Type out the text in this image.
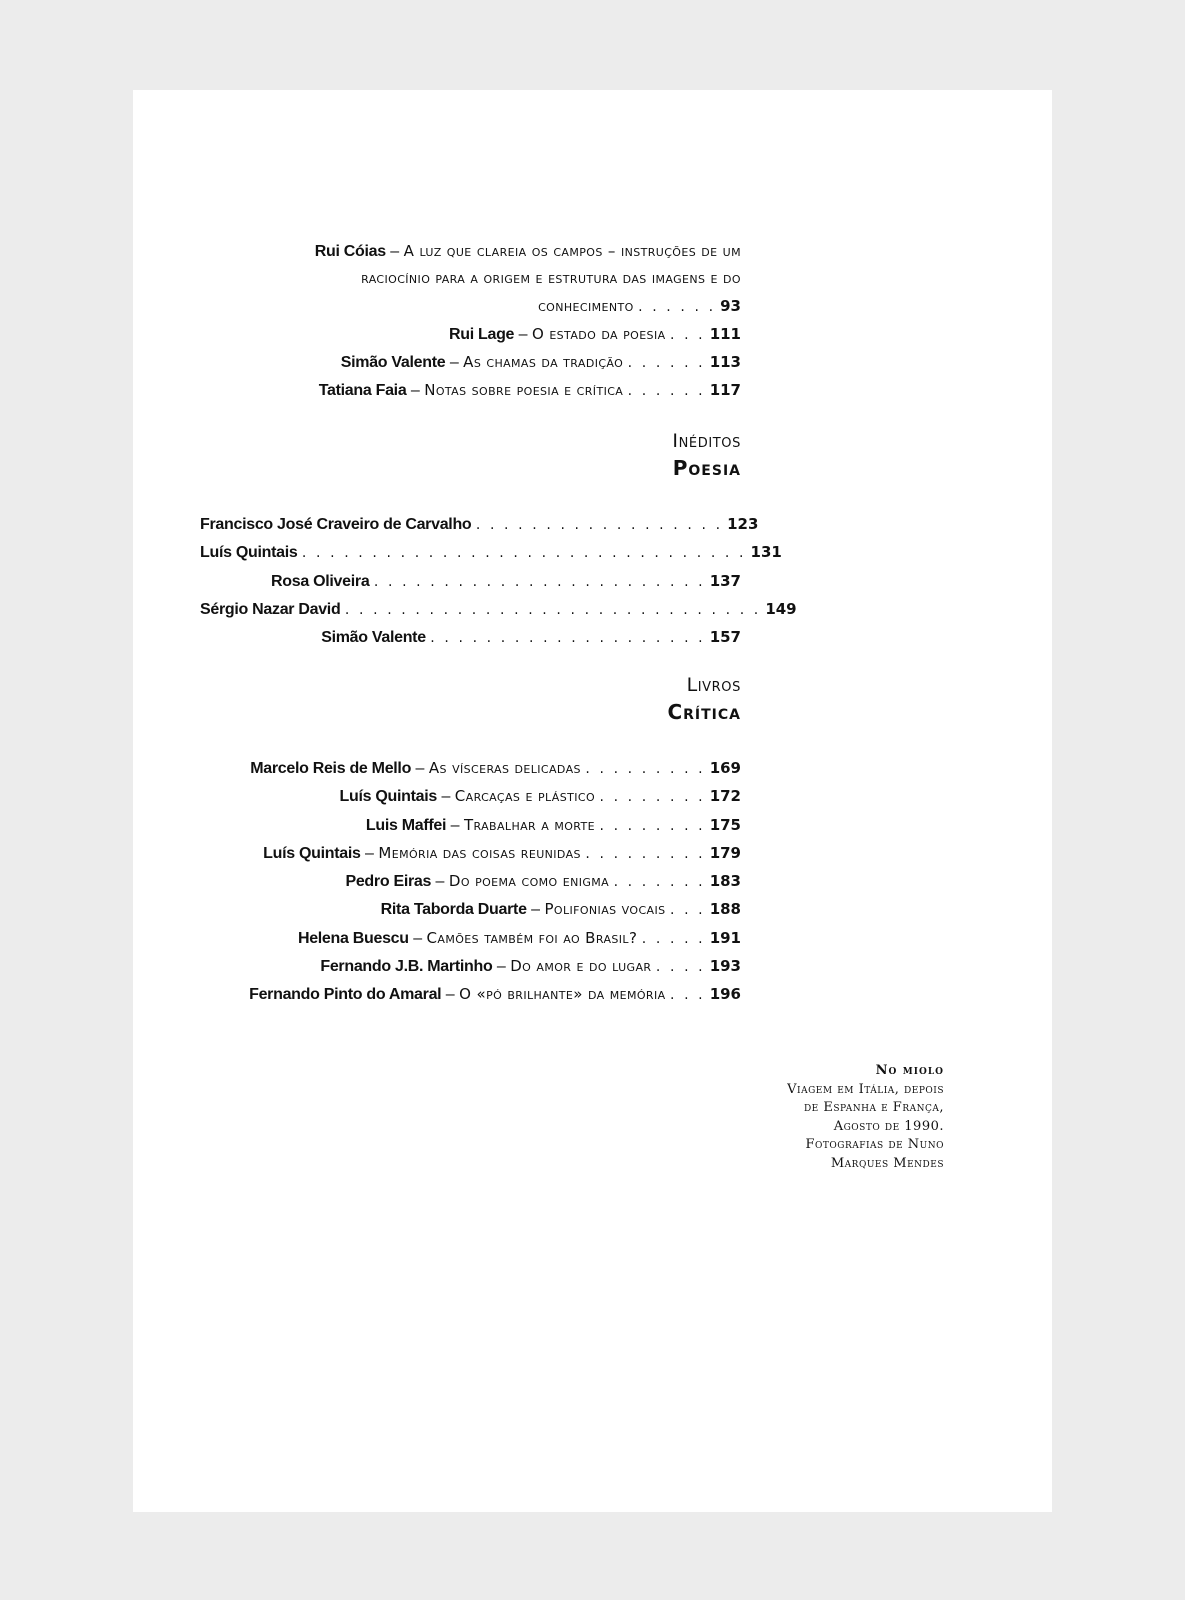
Rui Cóias – A luz que clareia os campos – instruções de um
raciocínio para a origem e estrutura das imagens e do
conhecimento . . . . . . 93
Rui Lage – O estado da poesia . . . 111
Simão Valente – As chamas da tradição . . . . . . 113
Tatiana Faia – Notas sobre poesia e crítica . . . . . . 117
Inéditos
Poesia
Francisco José Craveiro de Carvalho . . . . . . . . . . . . . . . . . . 123
Luís Quintais . . . . . . . . . . . . . . . . . . . . . . . . . . . . . . . . 131
Rosa Oliveira . . . . . . . . . . . . . . . . . . . . . . . . 137
Sérgio Nazar David . . . . . . . . . . . . . . . . . . . . . . . . . . . . . . 149
Simão Valente . . . . . . . . . . . . . . . . . . . . 157
Livros
Crítica
Marcelo Reis de Mello – As vísceras delicadas . . . . . . . . . 169
Luís Quintais – Carcaças e plástico . . . . . . . . 172
Luis Maffei – Trabalhar a morte . . . . . . . . 175
Luís Quintais – Memória das coisas reunidas . . . . . . . . . 179
Pedro Eiras – Do poema como enigma . . . . . . . 183
Rita Taborda Duarte – Polifonias vocais . . . 188
Helena Buescu – Camões também foi ao Brasil? . . . . . 191
Fernando J.B. Martinho – Do amor e do lugar . . . . 193
Fernando Pinto do Amaral – O «pó brilhante» da memória . . . 196
No miolo
Viagem em Itália, depois
de Espanha e França,
Agosto de 1990.
Fotografias de Nuno
Marques Mendes
